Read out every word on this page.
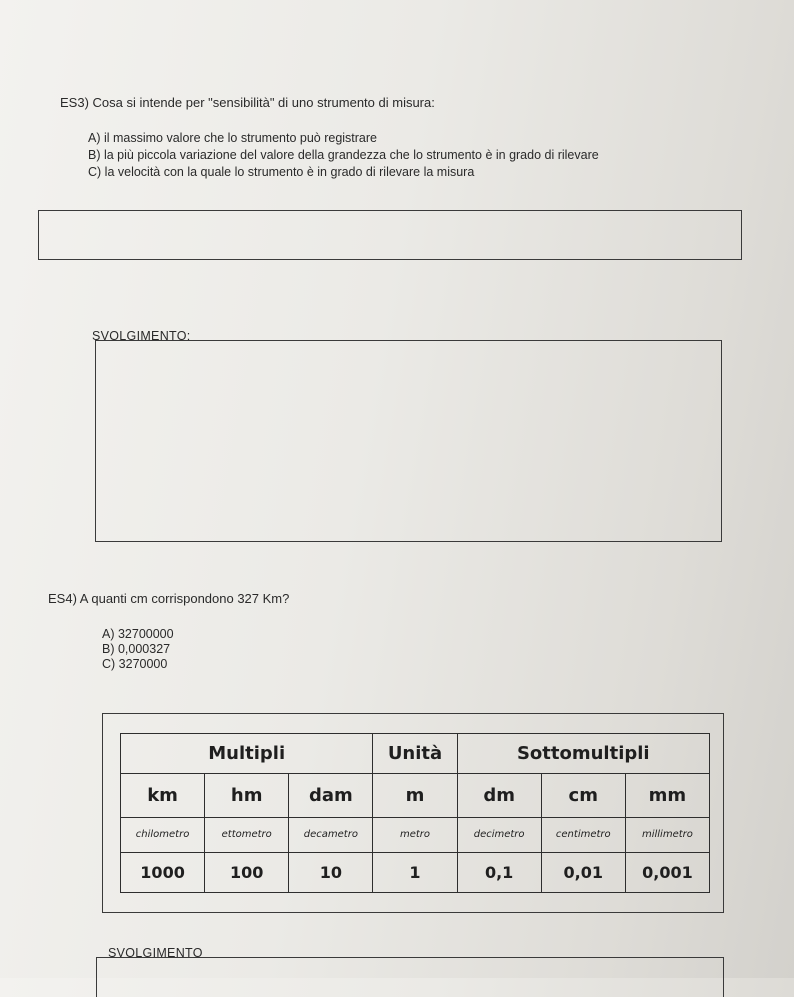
ES3) Cosa si intende per "sensibilità" di uno strumento di misura:
A) il massimo valore che lo strumento può registrare
B) la più piccola variazione del valore della grandezza che lo strumento è in grado di rilevare
C) la velocità con la quale lo strumento è in grado di rilevare la misura
SVOLGIMENTO:
ES4) A quanti cm corrispondono 327 Km?
A) 32700000
B) 0,000327
C) 3270000
Multipli			Unità	Sottomultipli		
km	hm	dam	m	dm	cm	mm
chilometro	ettometro	decametro	metro	decimetro	centimetro	millimetro
1000	100	10	1	0,1	0,01	0,001
SVOLGIMENTO
